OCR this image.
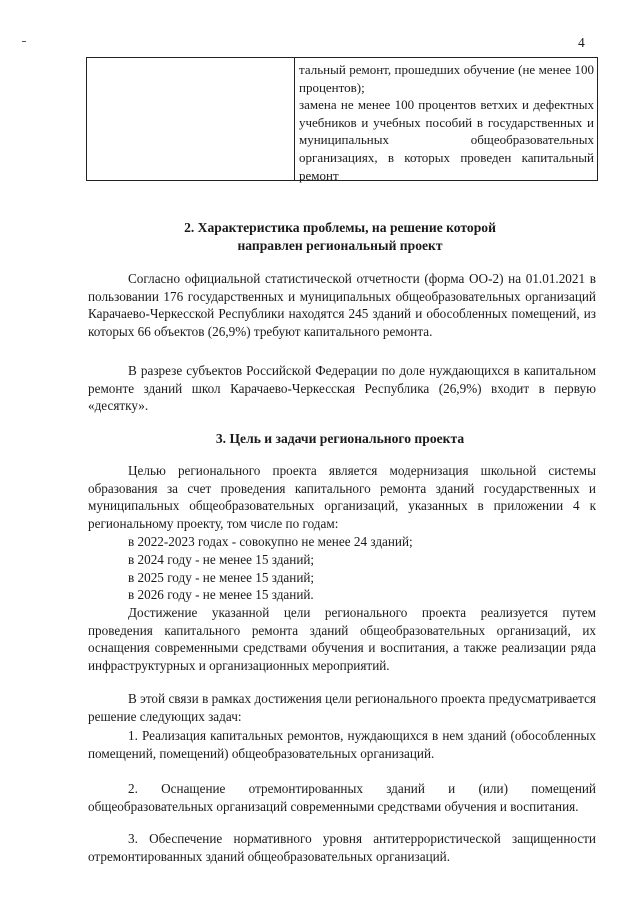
4

тальный ремонт, прошедших обучение (не менее 100 процентов);

замена не менее 100 процентов ветхих и дефектных учебников и учебных пособий в государственных и муниципальных общеобразовательных организациях, в которых проведен капитальный ремонт

2. Характеристика проблемы, на решение которой
направлен региональный проект

Согласно официальной статистической отчетности (форма ОО-2) на 01.01.2021 в пользовании 176 государственных и муниципальных общеобразовательных организаций Карачаево-Черкесской Республики находятся 245 зданий и обособленных помещений, из которых 66 объектов (26,9%) требуют капитального ремонта.

В разрезе субъектов Российской Федерации по доле нуждающихся в капитальном ремонте зданий школ Карачаево-Черкесская Республика (26,9%) входит в первую «десятку».

3. Цель и задачи регионального проекта

Целью регионального проекта является модернизация школьной системы образования за счет проведения капитального ремонта зданий государственных и муниципальных общеобразовательных организаций, указанных в приложении 4 к региональному проекту, том числе по годам:

в 2022-2023 годах - совокупно не менее 24 зданий;

в 2024 году - не менее 15 зданий;

в 2025 году - не менее 15 зданий;

в 2026 году - не менее 15 зданий.

Достижение указанной цели регионального проекта реализуется путем проведения капитального ремонта зданий общеобразовательных организаций, их оснащения современными средствами обучения и воспитания, а также реализации ряда инфраструктурных и организационных мероприятий.

В этой связи в рамках достижения цели регионального проекта предусматривается решение следующих задач:

1. Реализация капитальных ремонтов, нуждающихся в нем зданий (обособленных помещений, помещений) общеобразовательных организаций.

2. Оснащение отремонтированных зданий и (или) помещений общеобразовательных организаций современными средствами обучения и воспитания.

3. Обеспечение нормативного уровня антитеррористической защищенности отремонтированных зданий общеобразовательных организаций.
